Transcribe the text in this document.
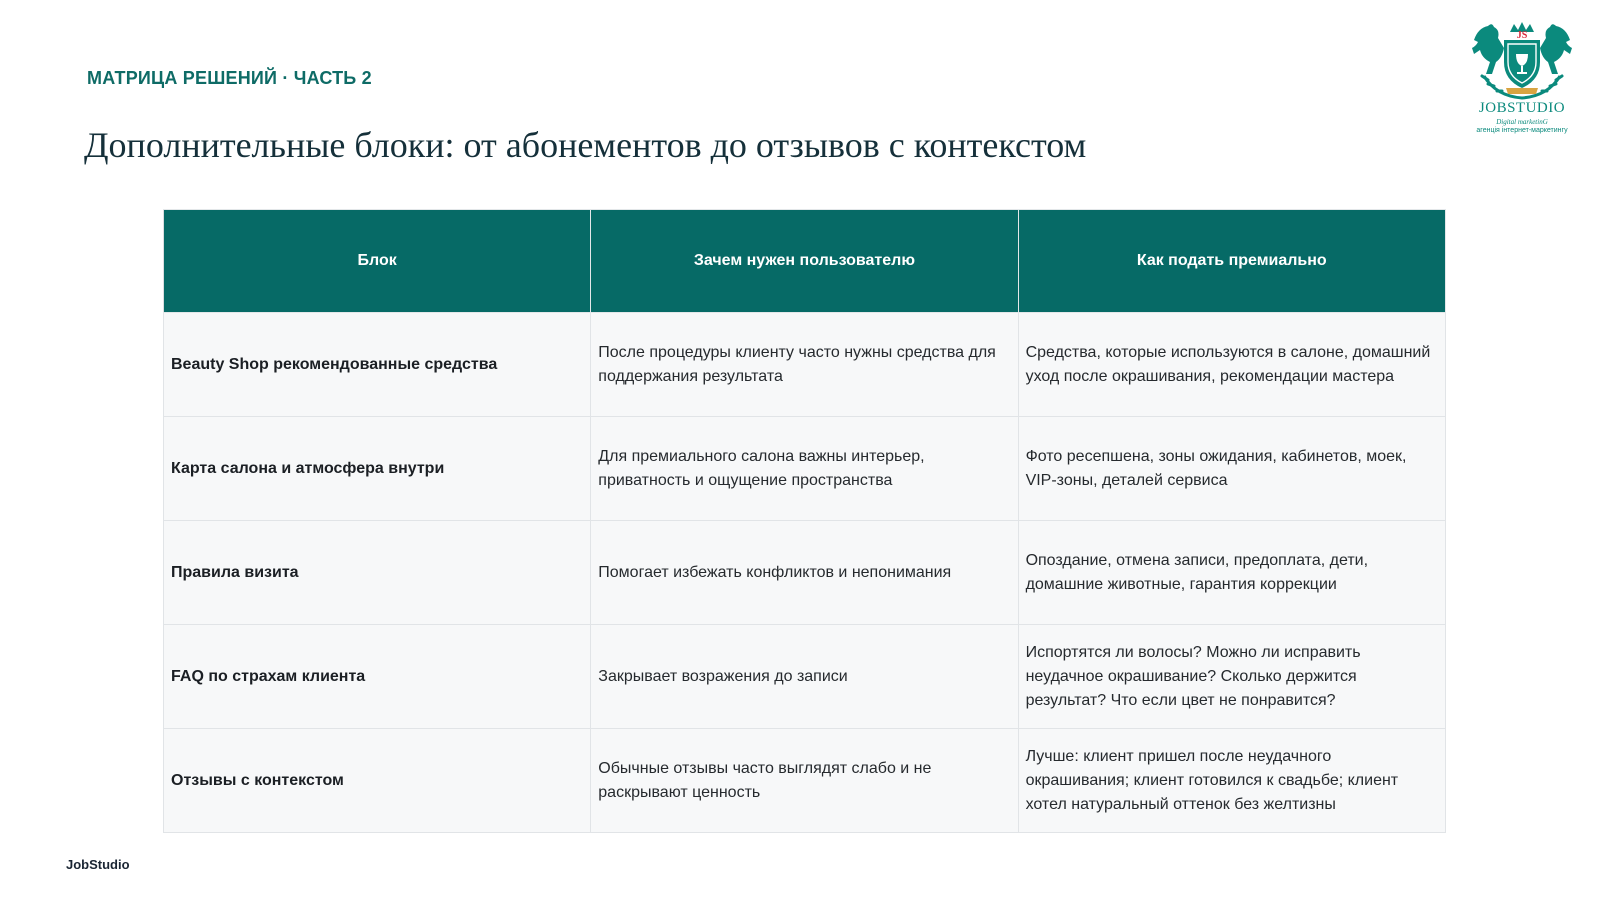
МАТРИЦА РЕШЕНИЙ · ЧАСТЬ 2
Дополнительные блоки: от абонементов до отзывов с контекстом
JS
JOBSTUDIO
Digital marketinG
агенція інтернет-маркетингу
Блок	Зачем нужен пользователю	Как подать премиально
Beauty Shop рекомендованные средства	После процедуры клиенту часто нужны средства для поддержания результата	Средства, которые используются в салоне, домашний уход после окрашивания, рекомендации мастера
Карта салона и атмосфера внутри	Для премиального салона важны интерьер, приватность и ощущение пространства	Фото ресепшена, зоны ожидания, кабинетов, моек, VIP-зоны, деталей сервиса
Правила визита	Помогает избежать конфликтов и непонимания	Опоздание, отмена записи, предоплата, дети, домашние животные, гарантия коррекции
FAQ по страхам клиента	Закрывает возражения до записи	Испортятся ли волосы? Можно ли исправить неудачное окрашивание? Сколько держится результат? Что если цвет не понравится?
Отзывы с контекстом	Обычные отзывы часто выглядят слабо и не раскрывают ценность	Лучше: клиент пришел после неудачного окрашивания; клиент готовился к свадьбе; клиент хотел натуральный оттенок без желтизны
JobStudio
